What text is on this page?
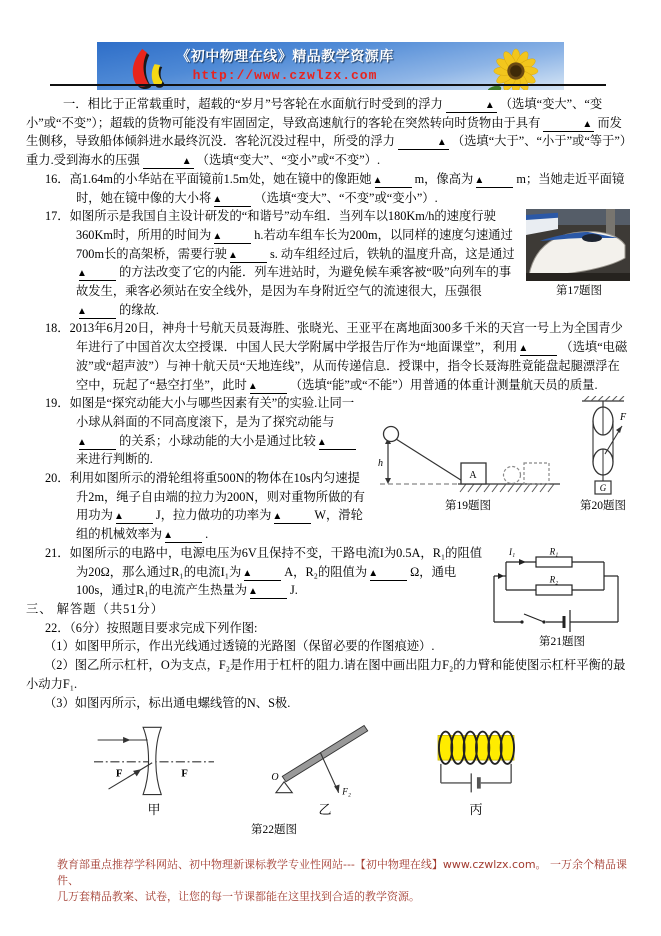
《初中物理在线》精品教学资源库
http://www.czwlzx.com

一．相比于正常载重时，超载的“岁月”号客轮在水面航行时受到的浮力	▲ （选填“变大”、“变小”或“不变”）；超载的货物可能没有牢固固定，导致高速航行的客轮在突然转向时货物由于具有	▲ 而发生侧移，导致船体倾斜进水最终沉没．客轮沉没过程中，所受的浮力	▲ （选填“大于”、“小于”或“等于”）重力.受到海水的压强	▲ （选填“变大”、“变小”或“不变”）.

16．高1.64m的小华站在平面镜前1.5m处，她在镜中的像距她▲	m，像高为▲	m；当她走近平面镜时，她在镜中像的大小将▲	（选填“变大”、“不变”或“变小”）.

第17题图

17．如图所示是我国自主设计研发的“和谐号”动车组．当列车以180Km/h的速度行驶360Km时，所用的时间为▲	h.若动车组车长为200m，以同样的速度匀速通过700m长的高架桥，需要行驶▲	s. 动车组经过后，铁轨的温度升高，这是通过▲	的方法改变了它的内能．列车进站时，为避免候车乘客被“吸”向列车的事故发生，乘客必须站在安全线外，是因为车身附近空气的流速很大，压强很▲	的缘故.

18．2013年6月20日，神舟十号航天员聂海胜、张晓光、王亚平在离地面300多千米的天宫一号上为全国青少年进行了中国首次太空授课．中国人民大学附属中学报告厅作为“地面课堂”，利用▲	（选填“电磁波”或“超声波”）与神十航天员“天地连线”，从而传递信息．授课中，指令长聂海胜竟能盘起腿漂浮在空中，玩起了“悬空打坐”，此时▲	（选填“能”或“不能”）用普通的体重计测量航天员的质量.

A
h
第19题图
F
G
第20题图

19．如图是“探究动能大小与哪些因素有关”的实验.让同一小球从斜面的不同高度滚下，是为了探究动能与▲	的关系；小球动能的大小是通过比较▲来进行判断的.

20．利用如图所示的滑轮组将重500N的物体在10s内匀速提升2m，绳子自由端的拉力为200N，则对重物所做的有用功为▲	J，拉力做功的功率为▲	W，滑轮组的机械效率为▲	.

I₁	R₁
R₂
第21题图

21．如图所示的电路中，电源电压为6V且保持不变，干路电流I为0.5A，R₁的阻值为20Ω，那么通过R₁的电流I₁为▲	A，R₂的阻值为▲	Ω，通电100s，通过R₁的电流产生热量为▲	J.

三、 解答题（共51分）

22．（6分）按照题目要求完成下列作图:

（1）如图甲所示，作出光线通过透镜的光路图（保留必要的作图痕迹）.

（2）图乙所示杠杆，O为支点，F₂是作用于杠杆的阻力.请在图中画出阻力F₂的力臂和能使图示杠杆平衡的最小动力F₁.

（3）如图丙所示，标出通电螺线管的N、S极.

F	F
甲
O
F₂
乙	丙
第22题图
教育部重点推荐学科网站、初中物理新课标教学专业性网站---【初中物理在线】www.czwlzx.com。 一万余个精品课件、
几万套精品教案、试卷，让您的每一节课都能在这里找到合适的教学资源。
